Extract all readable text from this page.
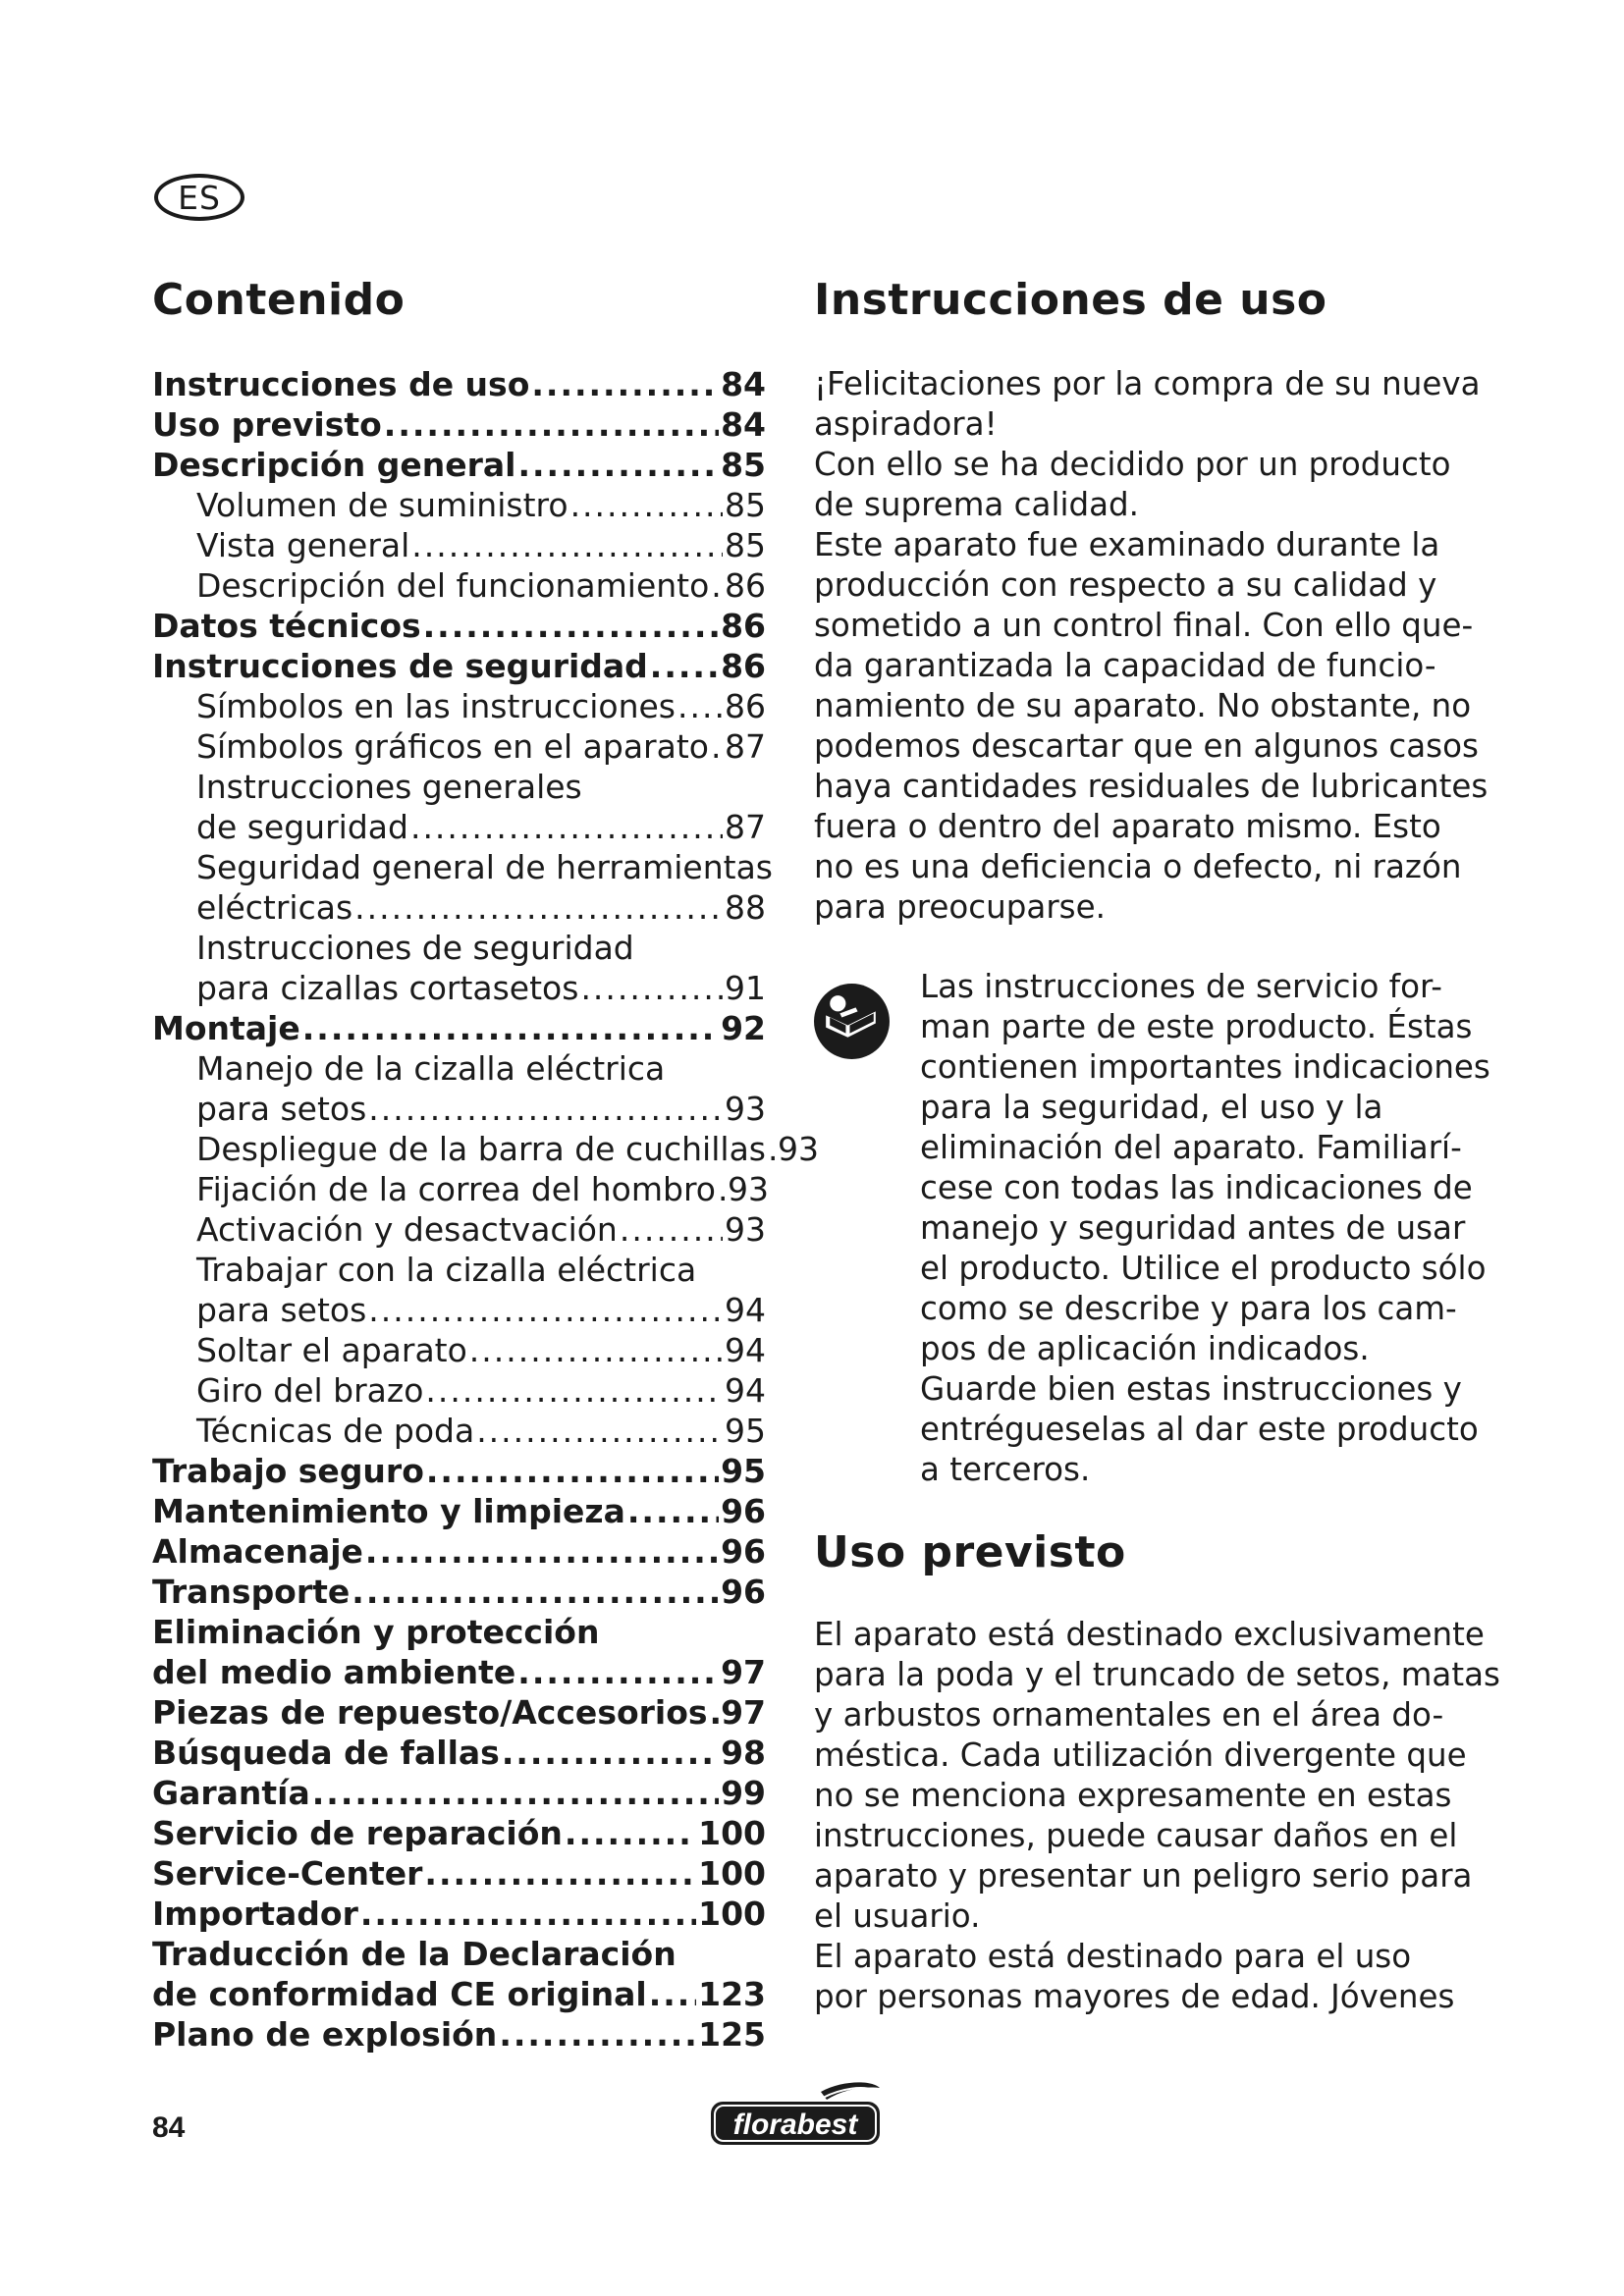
ES
Contenido	Instrucciones de uso
Instrucciones de uso .....	84
Uso previsto .....	84
Descripción general .....	85
Volumen de suministro .....	85
Vista general .....	85
Descripción del funcionamiento ..... 86
Datos técnicos .....	86
Instrucciones de seguridad ..... 86
Símbolos en las instrucciones ..... 86
Símbolos gráficos en el aparato ..... 87
Instrucciones generales
de seguridad .....	87
Seguridad general de herramientas
eléctricas .....	88
Instrucciones de seguridad
para cizallas cortasetos .....	91
Montaje .....	92
Manejo de la cizalla eléctrica
para setos .....	93
Despliegue de la barra de cuchillas ..... 93
Fijación de la correa del hombro ..... 93
Activación y desactvación .....	93
Trabajar con la cizalla eléctrica
para setos .....	94
Soltar el aparato .....	94
Giro del brazo .....	94
Técnicas de poda .....	95
Trabajo seguro .....	95
Mantenimiento y limpieza .....	96
Almacenaje .....	96
Transporte .....	96
Eliminación y protección
del medio ambiente .....	97
Piezas de repuesto/Accesorios ..... 97
Búsqueda de fallas .....	98
Garantía .....	99
Servicio de reparación .....	100
Service-Center .....	100
Importador .....	100
Traducción de la Declaración
de conformidad CE original ..... 123
Plano de explosión .....	125
¡Felicitaciones por la compra de su nueva
aspiradora!
Con ello se ha decidido por un producto
de suprema calidad.
Este aparato fue examinado durante la
producción con respecto a su calidad y
sometido a un control final. Con ello que-
da garantizada la capacidad de funcio-
namiento de su aparato. No obstante, no
podemos descartar que en algunos casos
haya cantidades residuales de lubricantes
fuera o dentro del aparato mismo. Esto
no es una deficiencia o defecto, ni razón
para preocuparse.
Las instrucciones de servicio for-
man parte de este producto. Éstas
contienen importantes indicaciones
para la seguridad, el uso y la
eliminación del aparato. Familiarí-
cese con todas las indicaciones de
manejo y seguridad antes de usar
el producto. Utilice el producto sólo
como se describe y para los cam-
pos de aplicación indicados.
Guarde bien estas instrucciones y
entrégueselas al dar este producto
a terceros.
Uso previsto
El aparato está destinado exclusivamente
para la poda y el truncado de setos, matas
y arbustos ornamentales en el área do-
méstica. Cada utilización divergente que
no se menciona expresamente en estas
instrucciones, puede causar daños en el
aparato y presentar un peligro serio para
el usuario.
El aparato está destinado para el uso
por personas mayores de edad. Jóvenes
84	florabest
